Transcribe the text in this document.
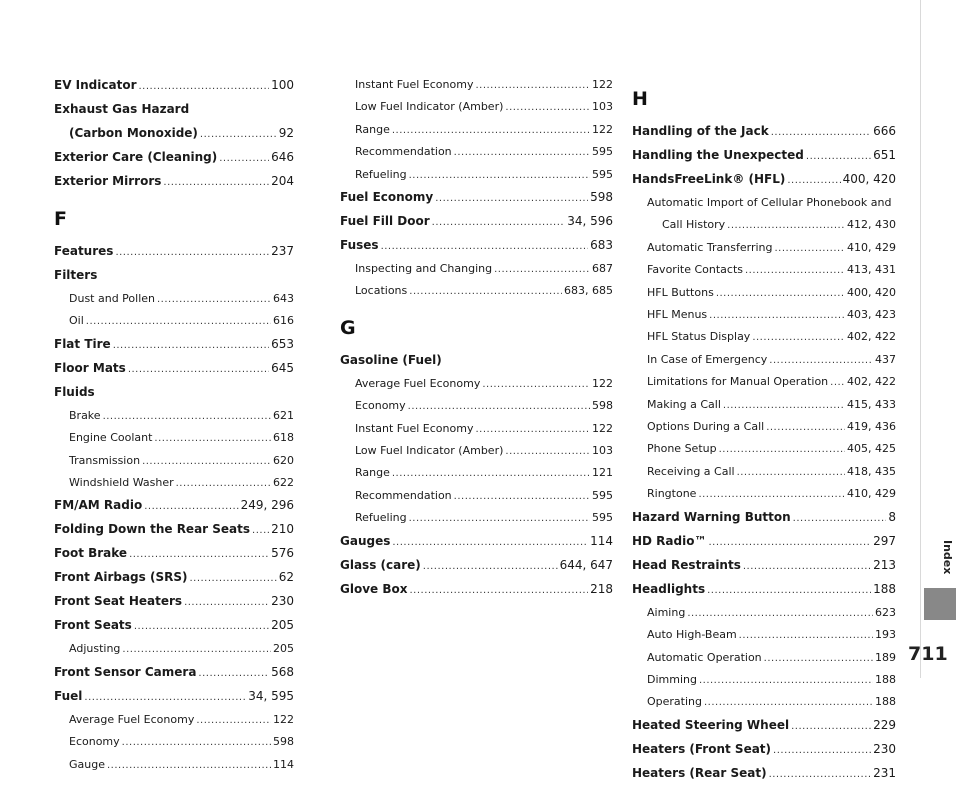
EV Indicator .....	100
Exhaust Gas Hazard
(Carbon Monoxide) .....	92
Exterior Care (Cleaning) .....	646
Exterior Mirrors .....	204
F
Features .....	237
Filters
Dust and Pollen .....	643
Oil .....	616
Flat Tire .....	653
Floor Mats .....	645
Fluids
Brake .....	621
Engine Coolant .....	618
Transmission .....	620
Windshield Washer .....	622
FM/AM Radio .....	249, 296
Folding Down the Rear Seats ..... 210
Foot Brake .....	576
Front Airbags (SRS) .....	62
Front Seat Heaters .....	230
Front Seats .....	205
Adjusting .....	205
Front Sensor Camera .....	568
Fuel .....	34, 595
Average Fuel Economy .....	122
Economy .....	598
Gauge .....	114
Instant Fuel Economy .....	122
Low Fuel Indicator (Amber) .....	103
Range .....	122
Recommendation .....	595
Refueling .....	595
Fuel Economy .....	598
Fuel Fill Door .....	34, 596
Fuses .....	683
Inspecting and Changing .....	687
Locations .....	683, 685
G
Gasoline (Fuel)
Average Fuel Economy .....	122
Economy .....	598
Instant Fuel Economy .....	122
Low Fuel Indicator (Amber) .....	103
Range .....	121
Recommendation .....	595
Refueling .....	595
Gauges .....	114
Glass (care) .....	644, 647
Glove Box .....	218
H
Handling of the Jack .....	666
Handling the Unexpected .....	651
HandsFreeLink® (HFL) .....	400, 420
Automatic Import of Cellular Phonebook and
Call History .....	412, 430
Automatic Transferring .....	410, 429
Favorite Contacts .....	413, 431
HFL Buttons .....	400, 420
HFL Menus .....	403, 423
HFL Status Display .....	402, 422
In Case of Emergency .....	437
Limitations for Manual Operation ..... 402, 422
Making a Call .....	415, 433
Options During a Call .....	419, 436
Phone Setup .....	405, 425
Receiving a Call .....	418, 435
Ringtone .....	410, 429
Hazard Warning Button .....	8
HD Radio™ .....	297
Head Restraints .....	213
Headlights .....	188
Aiming .....	623
Auto High-Beam .....	193
Automatic Operation .....	189
Dimming .....	188
Operating .....	188
Heated Steering Wheel .....	229
Heaters (Front Seat) .....	230
Heaters (Rear Seat) .....	231
Index
711
